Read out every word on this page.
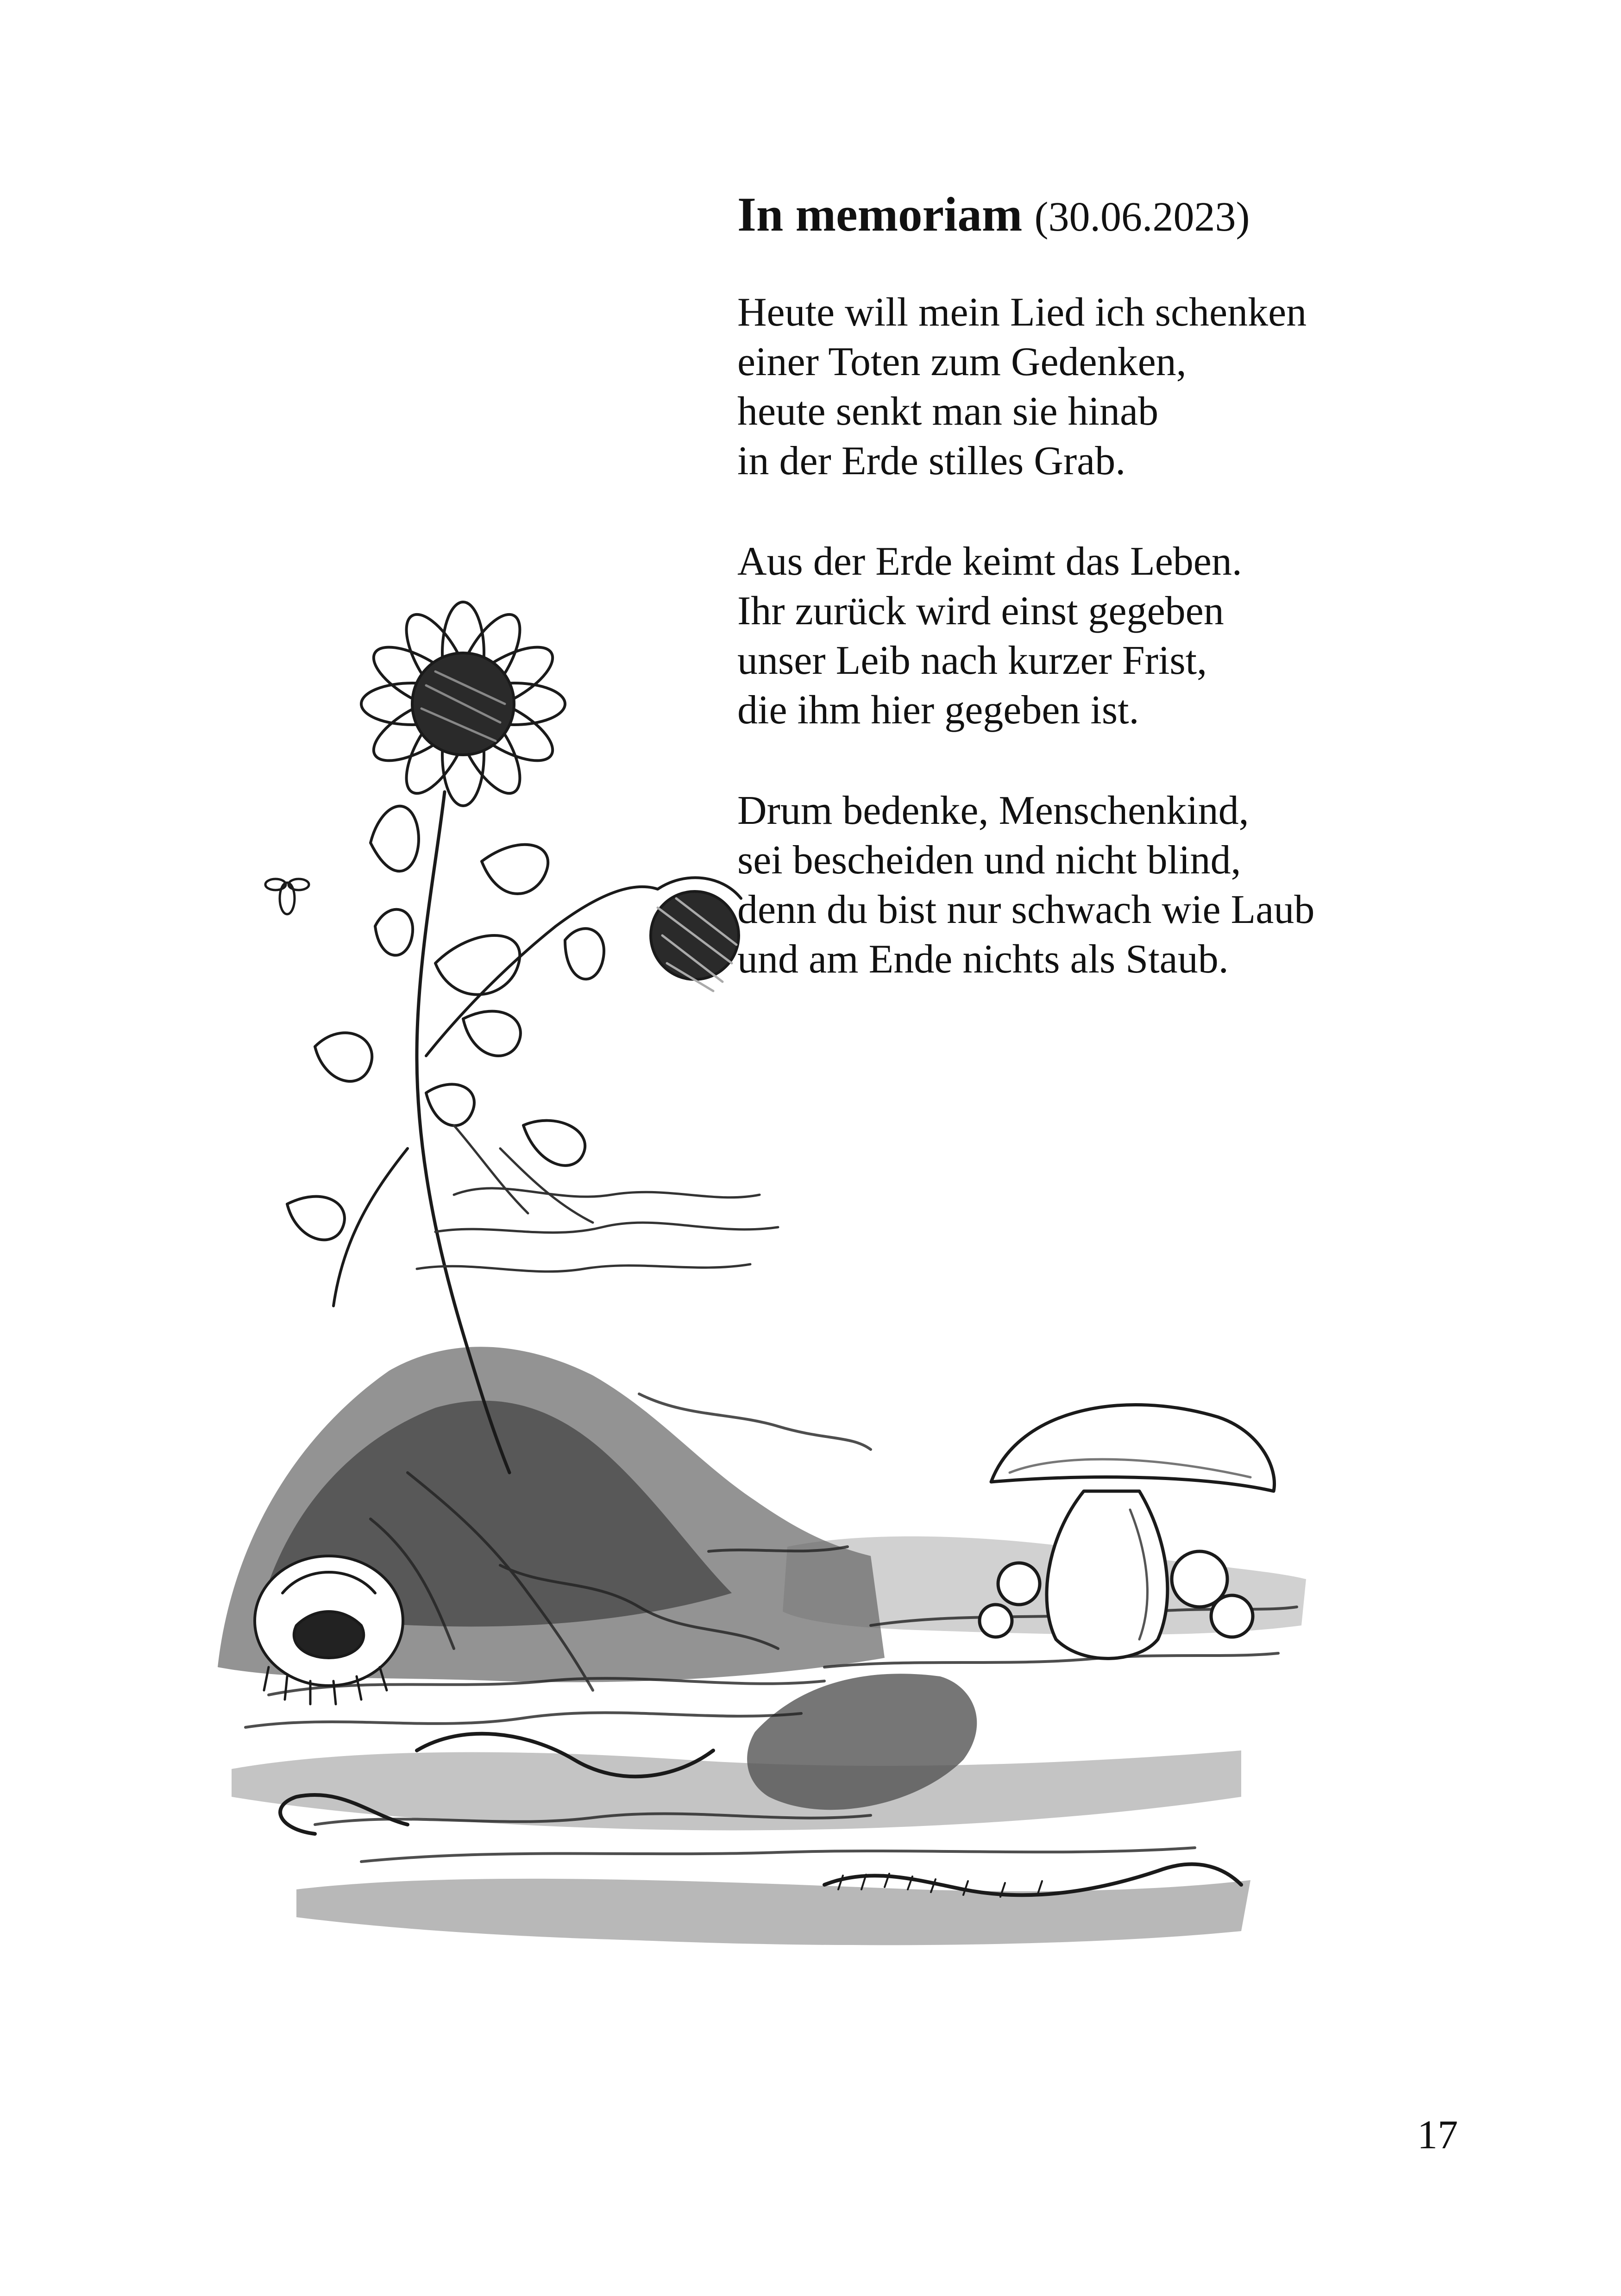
In memoriam (30.06.2023)
Heute will mein Lied ich schenken
einer Toten zum Gedenken,
heute senkt man sie hinab
in der Erde stilles Grab.
Aus der Erde keimt das Leben.
Ihr zurück wird einst gegeben
unser Leib nach kurzer Frist,
die ihm hier gegeben ist.
Drum bedenke, Menschenkind,
sei bescheiden und nicht blind,
denn du bist nur schwach wie Laub
und am Ende nichts als Staub.
17
